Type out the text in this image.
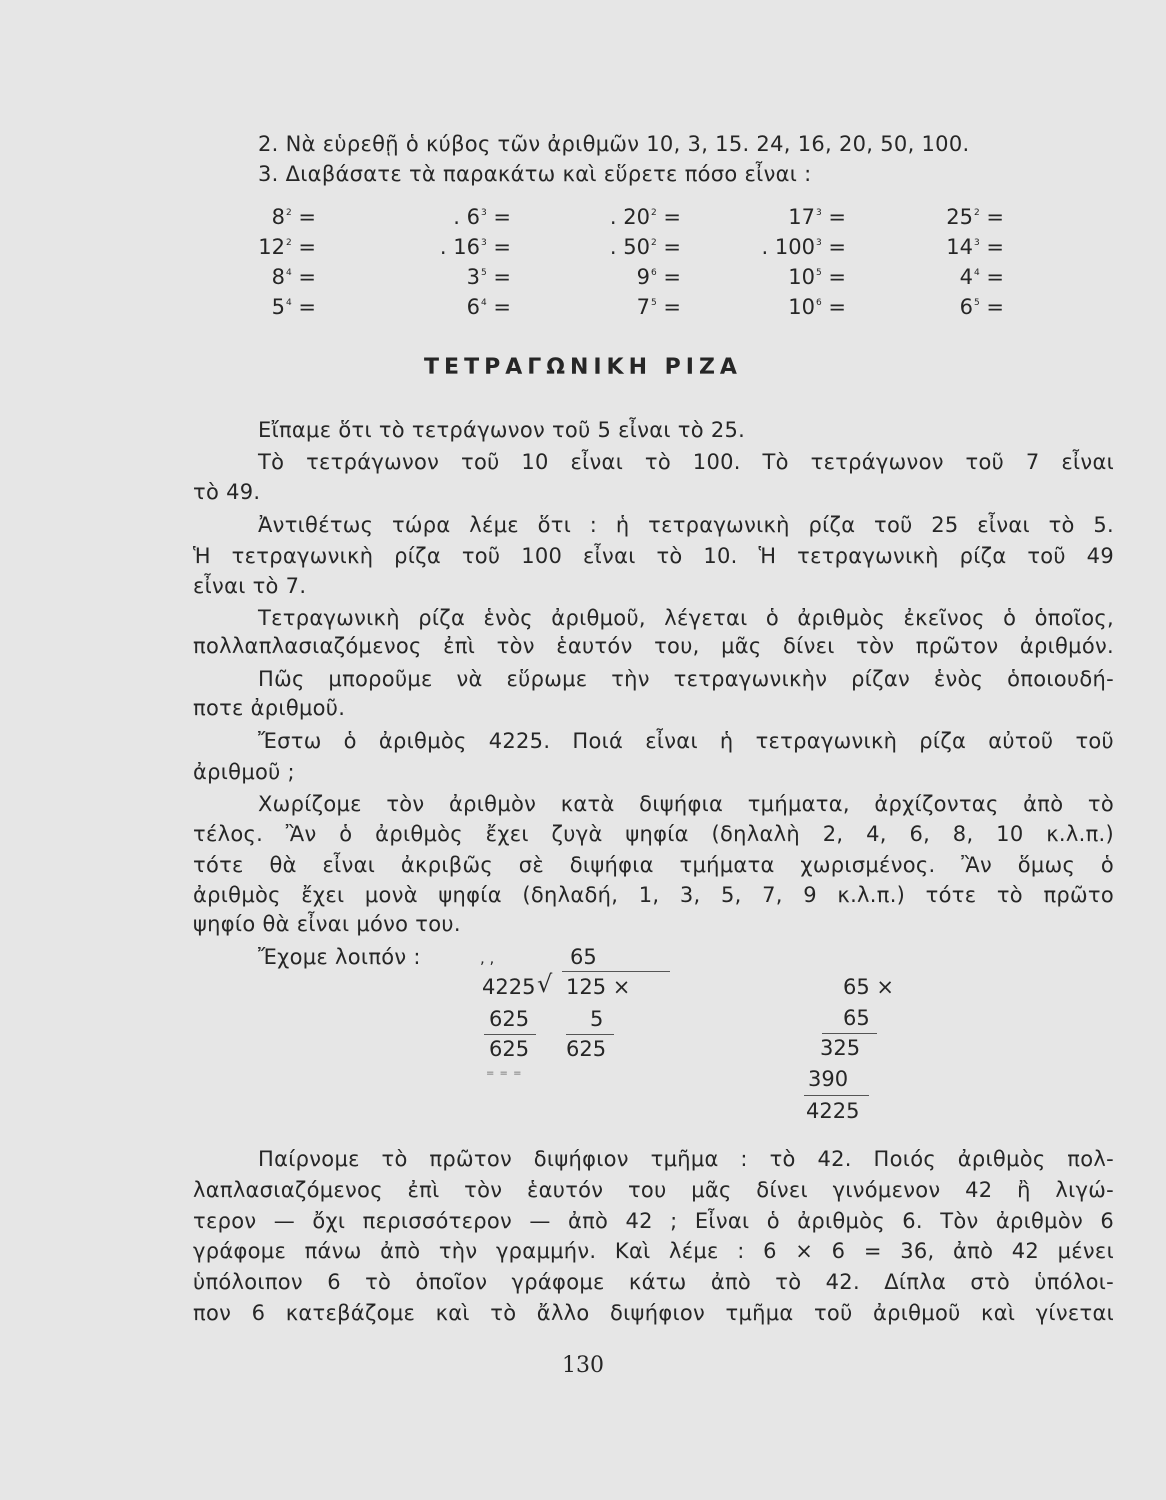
2. Νὰ εὑρεθῇ ὁ κύβος τῶν ἀριθμῶν 10, 3, 15. 24, 16, 20, 50, 100.
3. Διαβάσατε τὰ παρακάτω καὶ εὕρετε πόσο εἶναι :
$8^2$ =	. $6^3$ =	. $20^2$ =	$17^3$ =	$25^2$ =
$12^2$ =	. $16^3$ =	. $50^2$ =	. $100^3$ =	$14^3$ =
$8^4$ =	$3^5$ =	$9^6$ =	$10^5$ =	$4^4$ =
$5^4$ =	$6^4$ =	$7^5$ =	$10^6$ =	$6^5$ =
ΤΕΤΡΑΓΩΝΙΚΗ ΡΙΖΑ
Εἴπαμε ὅτι τὸ τετράγωνον τοῦ 5 εἶναι τὸ 25.
Τὸ τετράγωνον τοῦ 10 εἶναι τὸ 100. Τὸ τετράγωνον τοῦ 7 εἶναι
τὸ 49.
Ἀντιθέτως τώρα λέμε ὅτι : ἡ τετραγωνικὴ ρίζα τοῦ 25 εἶναι τὸ 5.
Ἡ τετραγωνικὴ ρίζα τοῦ 100 εἶναι τὸ 10. Ἡ τετραγωνικὴ ρίζα τοῦ 49
εἶναι τὸ 7.
Τετραγωνικὴ ρίζα ἑνὸς ἀριθμοῦ, λέγεται ὁ ἀριθμὸς ἐκεῖνος ὁ ὁποῖος,
πολλαπλασιαζόμενος ἐπὶ τὸν ἑαυτόν του, μᾶς δίνει τὸν πρῶτον ἀριθμόν.
Πῶς μποροῦμε νὰ εὕρωμε τὴν τετραγωνικὴν ρίζαν ἑνὸς ὁποιουδή-
ποτε ἀριθμοῦ.
Ἔστω ὁ ἀριθμὸς 4225. Ποιά εἶναι ἡ τετραγωνικὴ ρίζα αὐτοῦ τοῦ
ἀριθμοῦ ;
Χωρίζομε τὸν ἀριθμὸν κατὰ διψήφια τμήματα, ἀρχίζοντας ἀπὸ τὸ
τέλος. Ἂν ὁ ἀριθμὸς ἔχει ζυγὰ ψηφία (δηλαλὴ 2, 4, 6, 8, 10 κ.λ.π.)
τότε θὰ εἶναι ἀκριβῶς σὲ διψήφια τμήματα χωρισμένος. Ἂν ὅμως ὁ
ἀριθμὸς ἔχει μονὰ ψηφία (δηλαδή, 1, 3, 5, 7, 9 κ.λ.π.) τότε τὸ πρῶτο
ψηφίο θὰ εἶναι μόνο του.
Ἔχομε λοιπόν :	, ,	65
4225 √ 125 ×
625	5
625 625
= = =
65 ×
65
325
390
4225
Παίρνομε τὸ πρῶτον διψήφιον τμῆμα : τὸ 42. Ποιός ἀριθμὸς πολ-
λαπλασιαζόμενος ἐπὶ τὸν ἑαυτόν του μᾶς δίνει γινόμενον 42 ἢ λιγώ-
τερον — ὄχι περισσότερον — ἀπὸ 42 ; Εἶναι ὁ ἀριθμὸς 6. Τὸν ἀριθμὸν 6
γράφομε πάνω ἀπὸ τὴν γραμμήν. Καὶ λέμε : 6 × 6 = 36, ἀπὸ 42 μένει
ὑπόλοιπον 6 τὸ ὁποῖον γράφομε κάτω ἀπὸ τὸ 42. Δίπλα στὸ ὑπόλοι-
πον 6 κατεβάζομε καὶ τὸ ἄλλο διψήφιον τμῆμα τοῦ ἀριθμοῦ καὶ γίνεται
130
